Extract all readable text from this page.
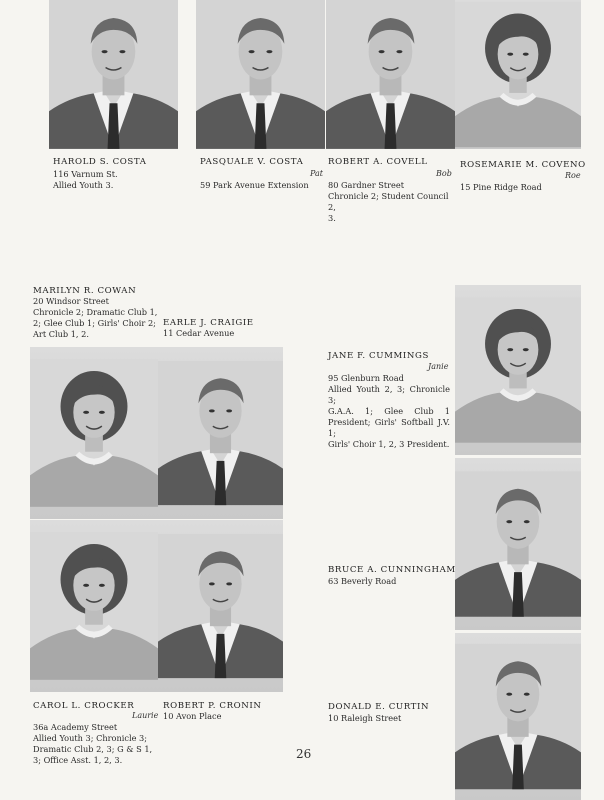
HAROLD S. COSTA
116 Varnum St.
Allied Youth 3.
PASQUALE V. COSTA
Pat
59 Park Avenue Extension
ROBERT A. COVELL
Bob
80 Gardner Street
Chronicle 2; Student Council 2,
3.
ROSEMARIE M. COVENO
Roe
15 Pine Ridge Road
MARILYN R. COWAN
20 Windsor Street
Chronicle 2; Dramatic Club 1,
2; Glee Club 1; Girls' Choir 2;
Art Club 1, 2.
EARLE J. CRAIGIE
11 Cedar Avenue
CAROL L. CROCKER
Laurie
36a Academy Street
Allied Youth 3; Chronicle 3;
Dramatic Club 2, 3; G & S 1,
3; Office Asst. 1, 2, 3.
ROBERT P. CRONIN
10 Avon Place
JANE F. CUMMINGS
Janie
95 Glenburn Road
Allied Youth 2, 3; Chronicle 3;
G.A.A. 1; Glee Club 1 President; Girls' Softball J.V. 1;
Girls' Choir 1, 2, 3 President.
BRUCE A. CUNNINGHAM
63 Beverly Road
DONALD E. CURTIN
10 Raleigh Street
26
